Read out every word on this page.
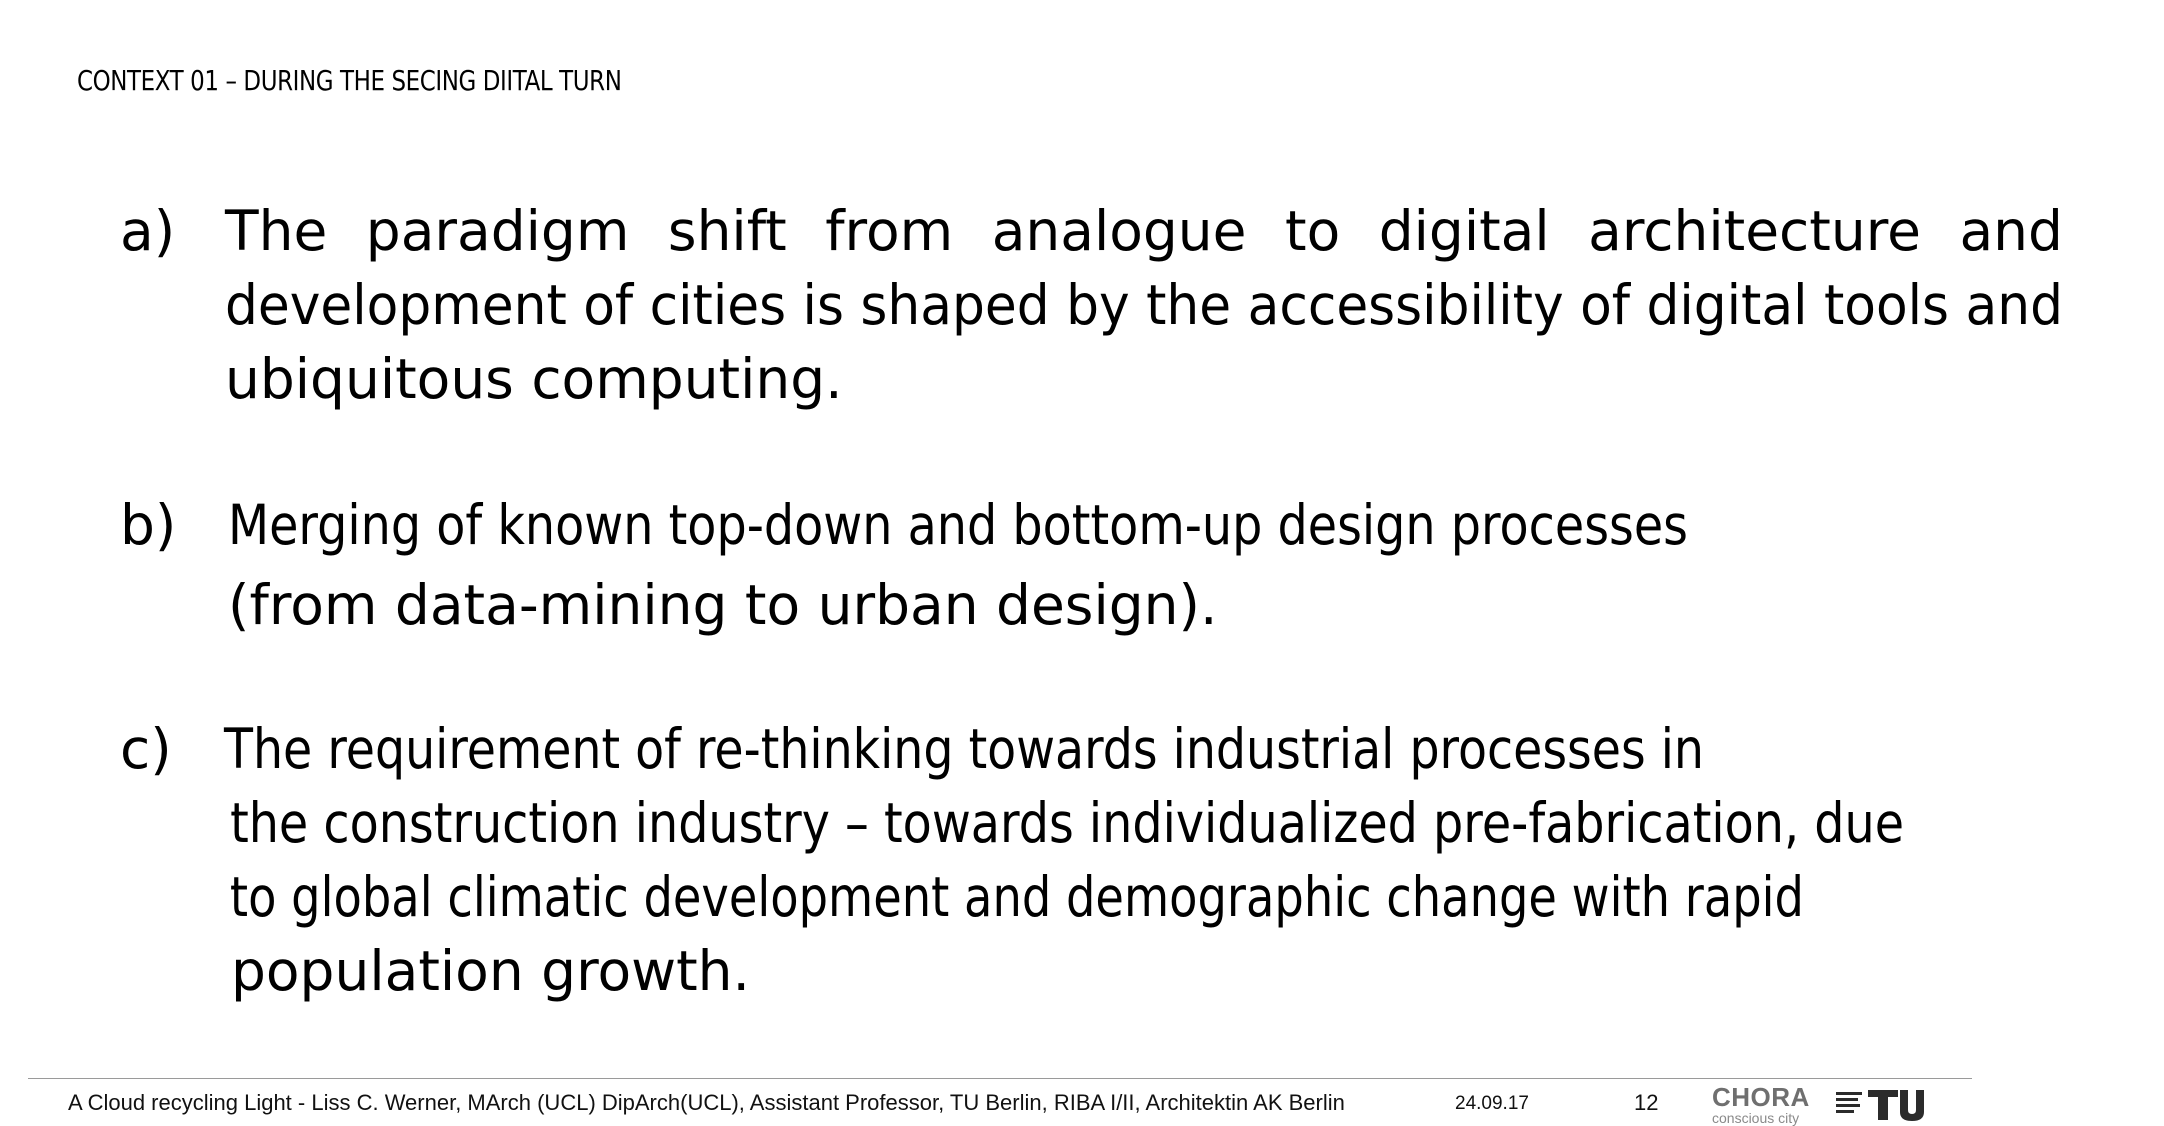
CONTEXT 01 – DURING THE SECING DIITAL TURN
a) The paradigm shift from analogue to digital architecture and
development of cities is shaped by the accessibility of digital tools and
ubiquitous computing.
b) Merging of known top-down and bottom-up design processes
(from data-mining to urban design).
c) The requirement of re-thinking towards industrial processes in
the construction industry – towards individualized pre-fabrication, due
to global climatic development and demographic change with rapid
population growth.
A Cloud recycling Light - Liss C. Werner, MArch (UCL) DipArch(UCL), Assistant Professor, TU Berlin, RIBA I/II, Architektin AK Berlin	24.09.17	12 CHORA
conscious city
